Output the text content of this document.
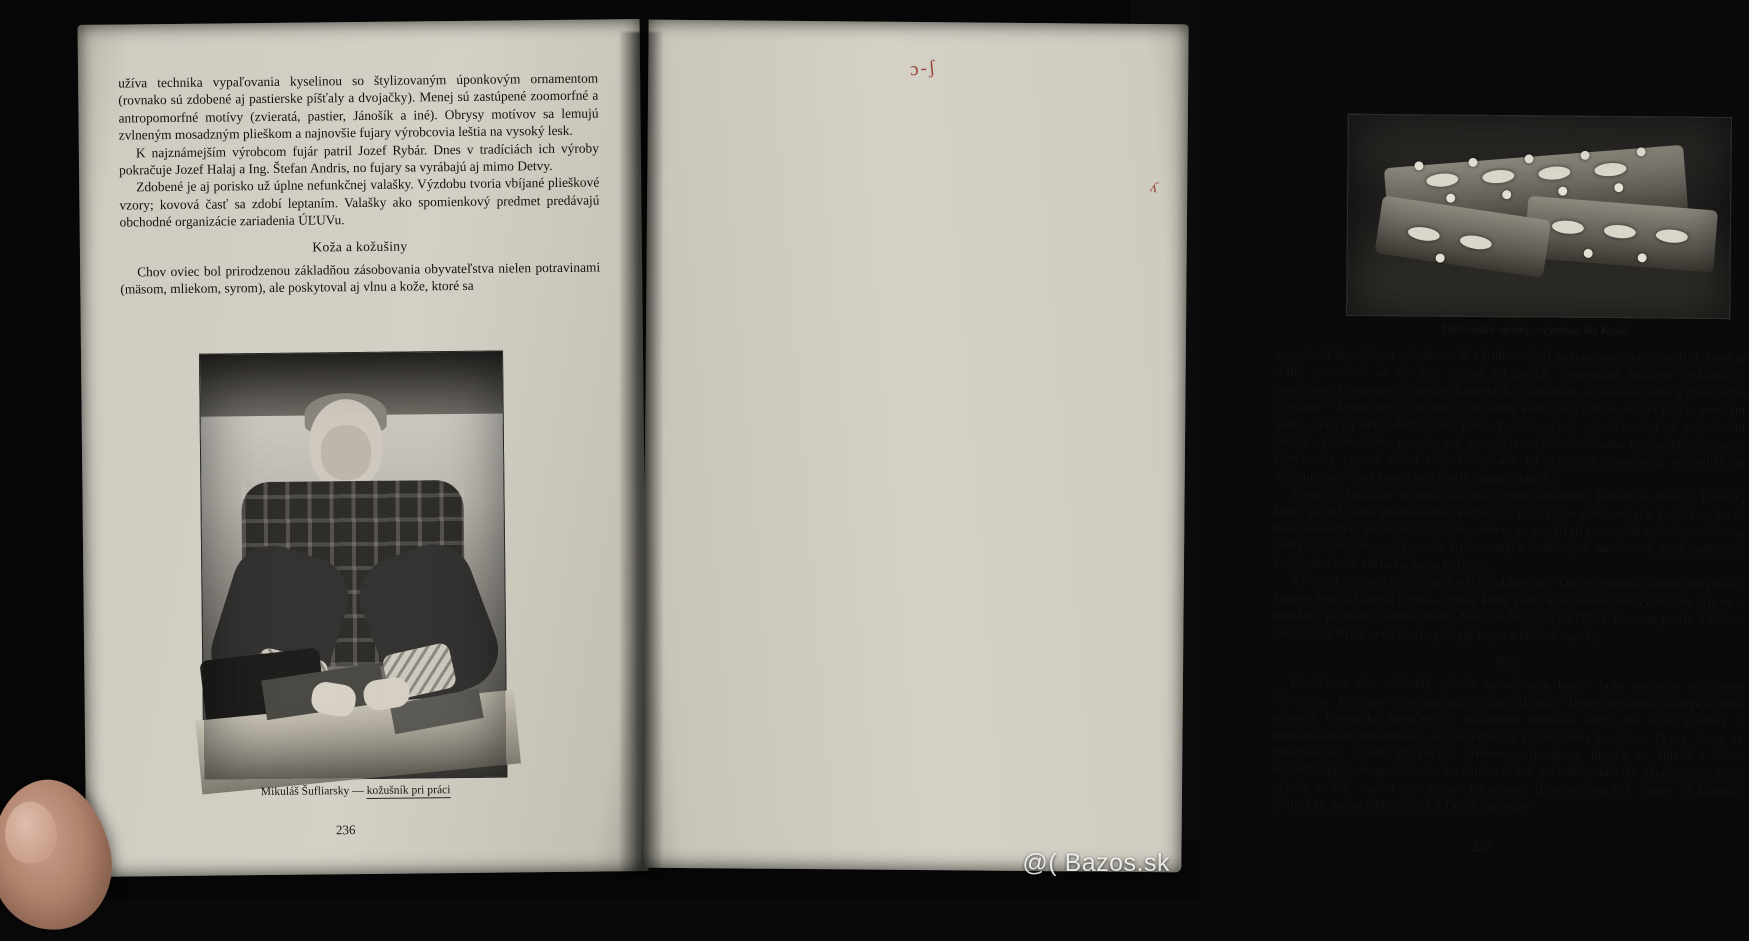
užíva technika vypaľovania kyselinou so štylizovaným úponkovým ornamentom (rovnako sú zdobené aj pastierske píšťaly a dvojačky). Menej sú zastúpené zoomorfné a antropomorfné motívy (zvieratá, pastier, Jánošík a iné). Obrysy motívov sa lemujú zvlneným mosadzným plieškom a najnovšie fujary výrobcovia leštia na vysoký lesk.

K najznámejším výrobcom fujár patril Jozef Rybár. Dnes v tradíciách ich výroby pokračuje Jozef Halaj a Ing. Štefan Andris, no fujary sa vyrábajú aj mimo Detvy.

Zdobené je aj porisko už úplne nefunkčnej valašky. Výzdobu tvoria vbíjané plieškové vzory; kovová časť sa zdobí leptaním. Valašky ako spomienkový predmet predávajú obchodné organizácie zariadenia ÚĽUVu.

Koža a kožušiny

Chov oviec bol prirodzenou základňou zásobovania obyvateľstva nielen potravinami (mäsom, mliekom, syrom), ale poskytoval aj vlnu a kože, ktoré sa

Mikuláš Šufliarsky — kožušník pri práci
236
Detvianske opasky – výrobca Ján Krnáč

spracúvali domáckym spôsobom. Z výrobcov koží sa postupne vyčleňovali tí, ktorí ju ďalej spracúvali na výrobky určené na predaj. Remeselnú zručnosť získavali u osvedčených majstrov v okolitých mestách či dedinách. Z najčastejšieho garbiarskeho výrobku – krpcoviny (zvyčajne z hovädzej kože) sa vyrábali najmä krpce, predtým skoro výlučná obuv dedinského ľudu. Z kožiarskych výrobkov bol na poprednom mieste opasok, často považovaný za najvlastnejšiu dominantu mužského oblečenia. Detviansky opasok nebol taký široký ako na severnom Slovensku, no nelíšil sa zložením ani výzdobou, ktorú tvorili spony a pliešky.

Barančia kožušina sa používala na výrobu kožuchov, kožúškov, búnd a baraníc, ktoré šili už často profesionálni kožušníci. Pri výrobe detvianskych kožúškov, ktoré boli celoročnou súčasťou mužského odevu, sa používali rozmanité spôsoby vrúbenia, obšívania okrajov, aplikovania štylizovaných rastlinných motívov z irchy odlišných farieb, ako bola základná farba kožúška.

Výrobe kožených a kožušníckych výrobkov sa v Detve venovali viacerí obyvatelia. Okrem Jozefa Hanesa (1904—1984), ktorý patril k najznámejším výrobcom krpcov a opaskov, je známy najmä mladší Mikuláš Šufliarsky (1912). K nemu patria ďalší — Ján a Jozef Krnáčovci, ktorí vyrábajú krpce a kožené opasky.

Kov

Kováčstvo ako základný spôsob spracúvania kovov bolo rozšírené na celom Slovensku. Postupne však zanikalo a dnes už ani v Detve nepracuje zástupca tohto remesla. Umelecké kováčstvo v súčasnosti nachádza odbyt pre svoje výrobky u individuálnych stavebníkov, no nevychádza z tradičného kováčstva Detvy. Kovy sa používali na výrobu úžitkových predmetov (podkovy, obruče na kolesá a rôzne súčiastky poľnohospodárskeho inventára, či iné poľnohospodárske náradie), ale aj na výrobu ozdôb, najmä pre mužov na opasky (pliešky, pracky), krpce, či klobúky (retiazky). Nepochádzali však z Detvy a pravde-

237
ɔ-ʃ
ʎ
@( Bazos.sk
